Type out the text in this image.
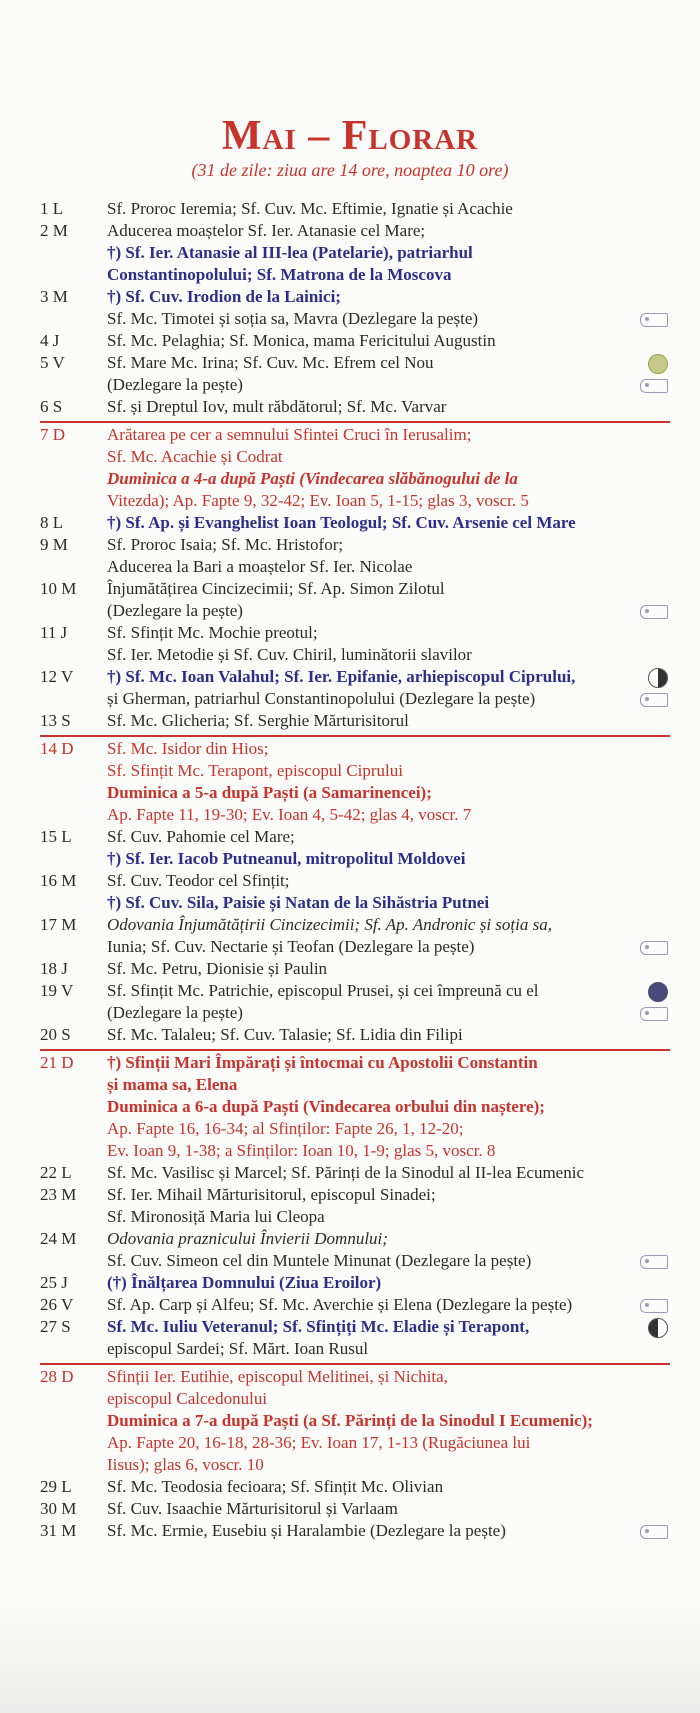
Mai – Florar
(31 de zile: ziua are 14 ore, noaptea 10 ore)
1 L	Sf. Proroc Ieremia; Sf. Cuv. Mc. Eftimie, Ignatie și Acachie
2 M	Aducerea moaștelor Sf. Ier. Atanasie cel Mare;
†) Sf. Ier. Atanasie al III-lea (Patelarie), patriarhul
Constantinopolului; Sf. Matrona de la Moscova
3 M	†) Sf. Cuv. Irodion de la Lainici;
Sf. Mc. Timotei și soția sa, Mavra (Dezlegare la pește)
4 J	Sf. Mc. Pelaghia; Sf. Monica, mama Fericitului Augustin
5 V	Sf. Mare Mc. Irina; Sf. Cuv. Mc. Efrem cel Nou
(Dezlegare la pește)
6 S	Sf. și Dreptul Iov, mult răbdătorul; Sf. Mc. Varvar
7 D	Arătarea pe cer a semnului Sfintei Cruci în Ierusalim;
Sf. Mc. Acachie și Codrat
Duminica a 4-a după Paști (Vindecarea slăbănogului de la
Vitezda); Ap. Fapte 9, 32-42; Ev. Ioan 5, 1-15; glas 3, voscr. 5
8 L	†) Sf. Ap. și Evanghelist Ioan Teologul; Sf. Cuv. Arsenie cel Mare
9 M	Sf. Proroc Isaia; Sf. Mc. Hristofor;
Aducerea la Bari a moaștelor Sf. Ier. Nicolae
10 M	Înjumătățirea Cincizecimii; Sf. Ap. Simon Zilotul
(Dezlegare la pește)
11 J	Sf. Sfințit Mc. Mochie preotul;
Sf. Ier. Metodie și Sf. Cuv. Chiril, luminătorii slavilor
12 V	†) Sf. Mc. Ioan Valahul; Sf. Ier. Epifanie, arhiepiscopul Ciprului,
și Gherman, patriarhul Constantinopolului (Dezlegare la pește)
13 S	Sf. Mc. Glicheria; Sf. Serghie Mărturisitorul
14 D	Sf. Mc. Isidor din Hios;
Sf. Sfințit Mc. Terapont, episcopul Ciprului
Duminica a 5-a după Paști (a Samarinencei);
Ap. Fapte 11, 19-30; Ev. Ioan 4, 5-42; glas 4, voscr. 7
15 L	Sf. Cuv. Pahomie cel Mare;
†) Sf. Ier. Iacob Putneanul, mitropolitul Moldovei
16 M	Sf. Cuv. Teodor cel Sfințit;
†) Sf. Cuv. Sila, Paisie și Natan de la Sihăstria Putnei
17 M	Odovania Înjumătățirii Cincizecimii; Sf. Ap. Andronic și soția sa,
Iunia; Sf. Cuv. Nectarie și Teofan (Dezlegare la pește)
18 J	Sf. Mc. Petru, Dionisie și Paulin
19 V	Sf. Sfințit Mc. Patrichie, episcopul Prusei, și cei împreună cu el
(Dezlegare la pește)
20 S	Sf. Mc. Talaleu; Sf. Cuv. Talasie; Sf. Lidia din Filipi
21 D	†) Sfinții Mari Împărați și întocmai cu Apostolii Constantin
și mama sa, Elena
Duminica a 6-a după Paști (Vindecarea orbului din naștere);
Ap. Fapte 16, 16-34; al Sfinților: Fapte 26, 1, 12-20;
Ev. Ioan 9, 1-38; a Sfinților: Ioan 10, 1-9; glas 5, voscr. 8
22 L	Sf. Mc. Vasilisc și Marcel; Sf. Părinți de la Sinodul al II-lea Ecumenic
23 M	Sf. Ier. Mihail Mărturisitorul, episcopul Sinadei;
Sf. Mironosiță Maria lui Cleopa
24 M	Odovania praznicului Învierii Domnului;
Sf. Cuv. Simeon cel din Muntele Minunat (Dezlegare la pește)
25 J	(†) Înălțarea Domnului (Ziua Eroilor)
26 V	Sf. Ap. Carp și Alfeu; Sf. Mc. Averchie și Elena (Dezlegare la pește)
27 S	Sf. Mc. Iuliu Veteranul; Sf. Sfințiți Mc. Eladie și Terapont,
episcopul Sardei; Sf. Mărt. Ioan Rusul
28 D	Sfinții Ier. Eutihie, episcopul Melitinei, și Nichita,
episcopul Calcedonului
Duminica a 7-a după Paști (a Sf. Părinți de la Sinodul I Ecumenic);
Ap. Fapte 20, 16-18, 28-36; Ev. Ioan 17, 1-13 (Rugăciunea lui
Iisus); glas 6, voscr. 10
29 L	Sf. Mc. Teodosia fecioara; Sf. Sfințit Mc. Olivian
30 M	Sf. Cuv. Isaachie Mărturisitorul și Varlaam
31 M	Sf. Mc. Ermie, Eusebiu și Haralambie (Dezlegare la pește)
